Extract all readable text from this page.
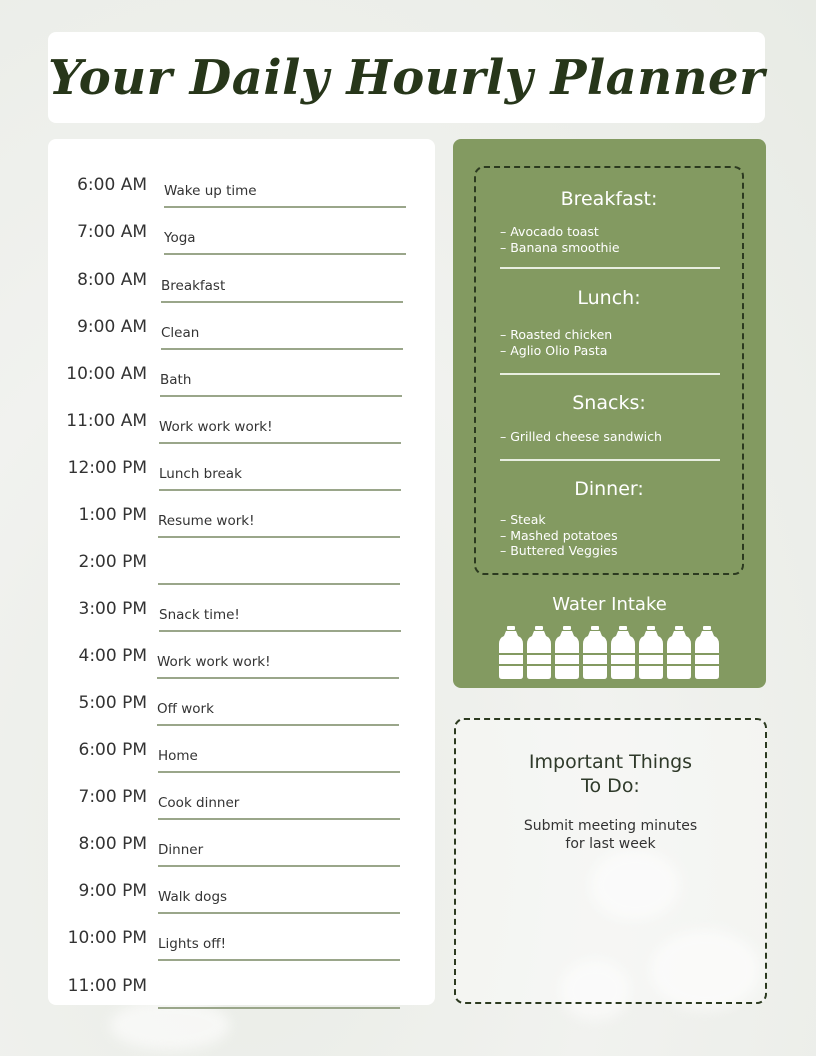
Your Daily Hourly Planner
6:00 AM Wake up time
7:00 AM Yoga
8:00 AM Breakfast
9:00 AM Clean
10:00 AM Bath
11:00 AM Work work work!
12:00 PM Lunch break
1:00 PM Resume work!
2:00 PM
3:00 PM Snack time!
4:00 PM Work work work!
5:00 PM Off work
6:00 PM Home
7:00 PM Cook dinner
8:00 PM Dinner
9:00 PM Walk dogs
10:00 PM Lights off!
11:00 PM
Breakfast:
– Avocado toast
– Banana smoothie
Lunch:
– Roasted chicken
– Aglio Olio Pasta
Snacks:
– Grilled cheese sandwich
Dinner:
– Steak
– Mashed potatoes
– Buttered Veggies
Water Intake
Important Things
To Do:
Submit meeting minutes
for last week
